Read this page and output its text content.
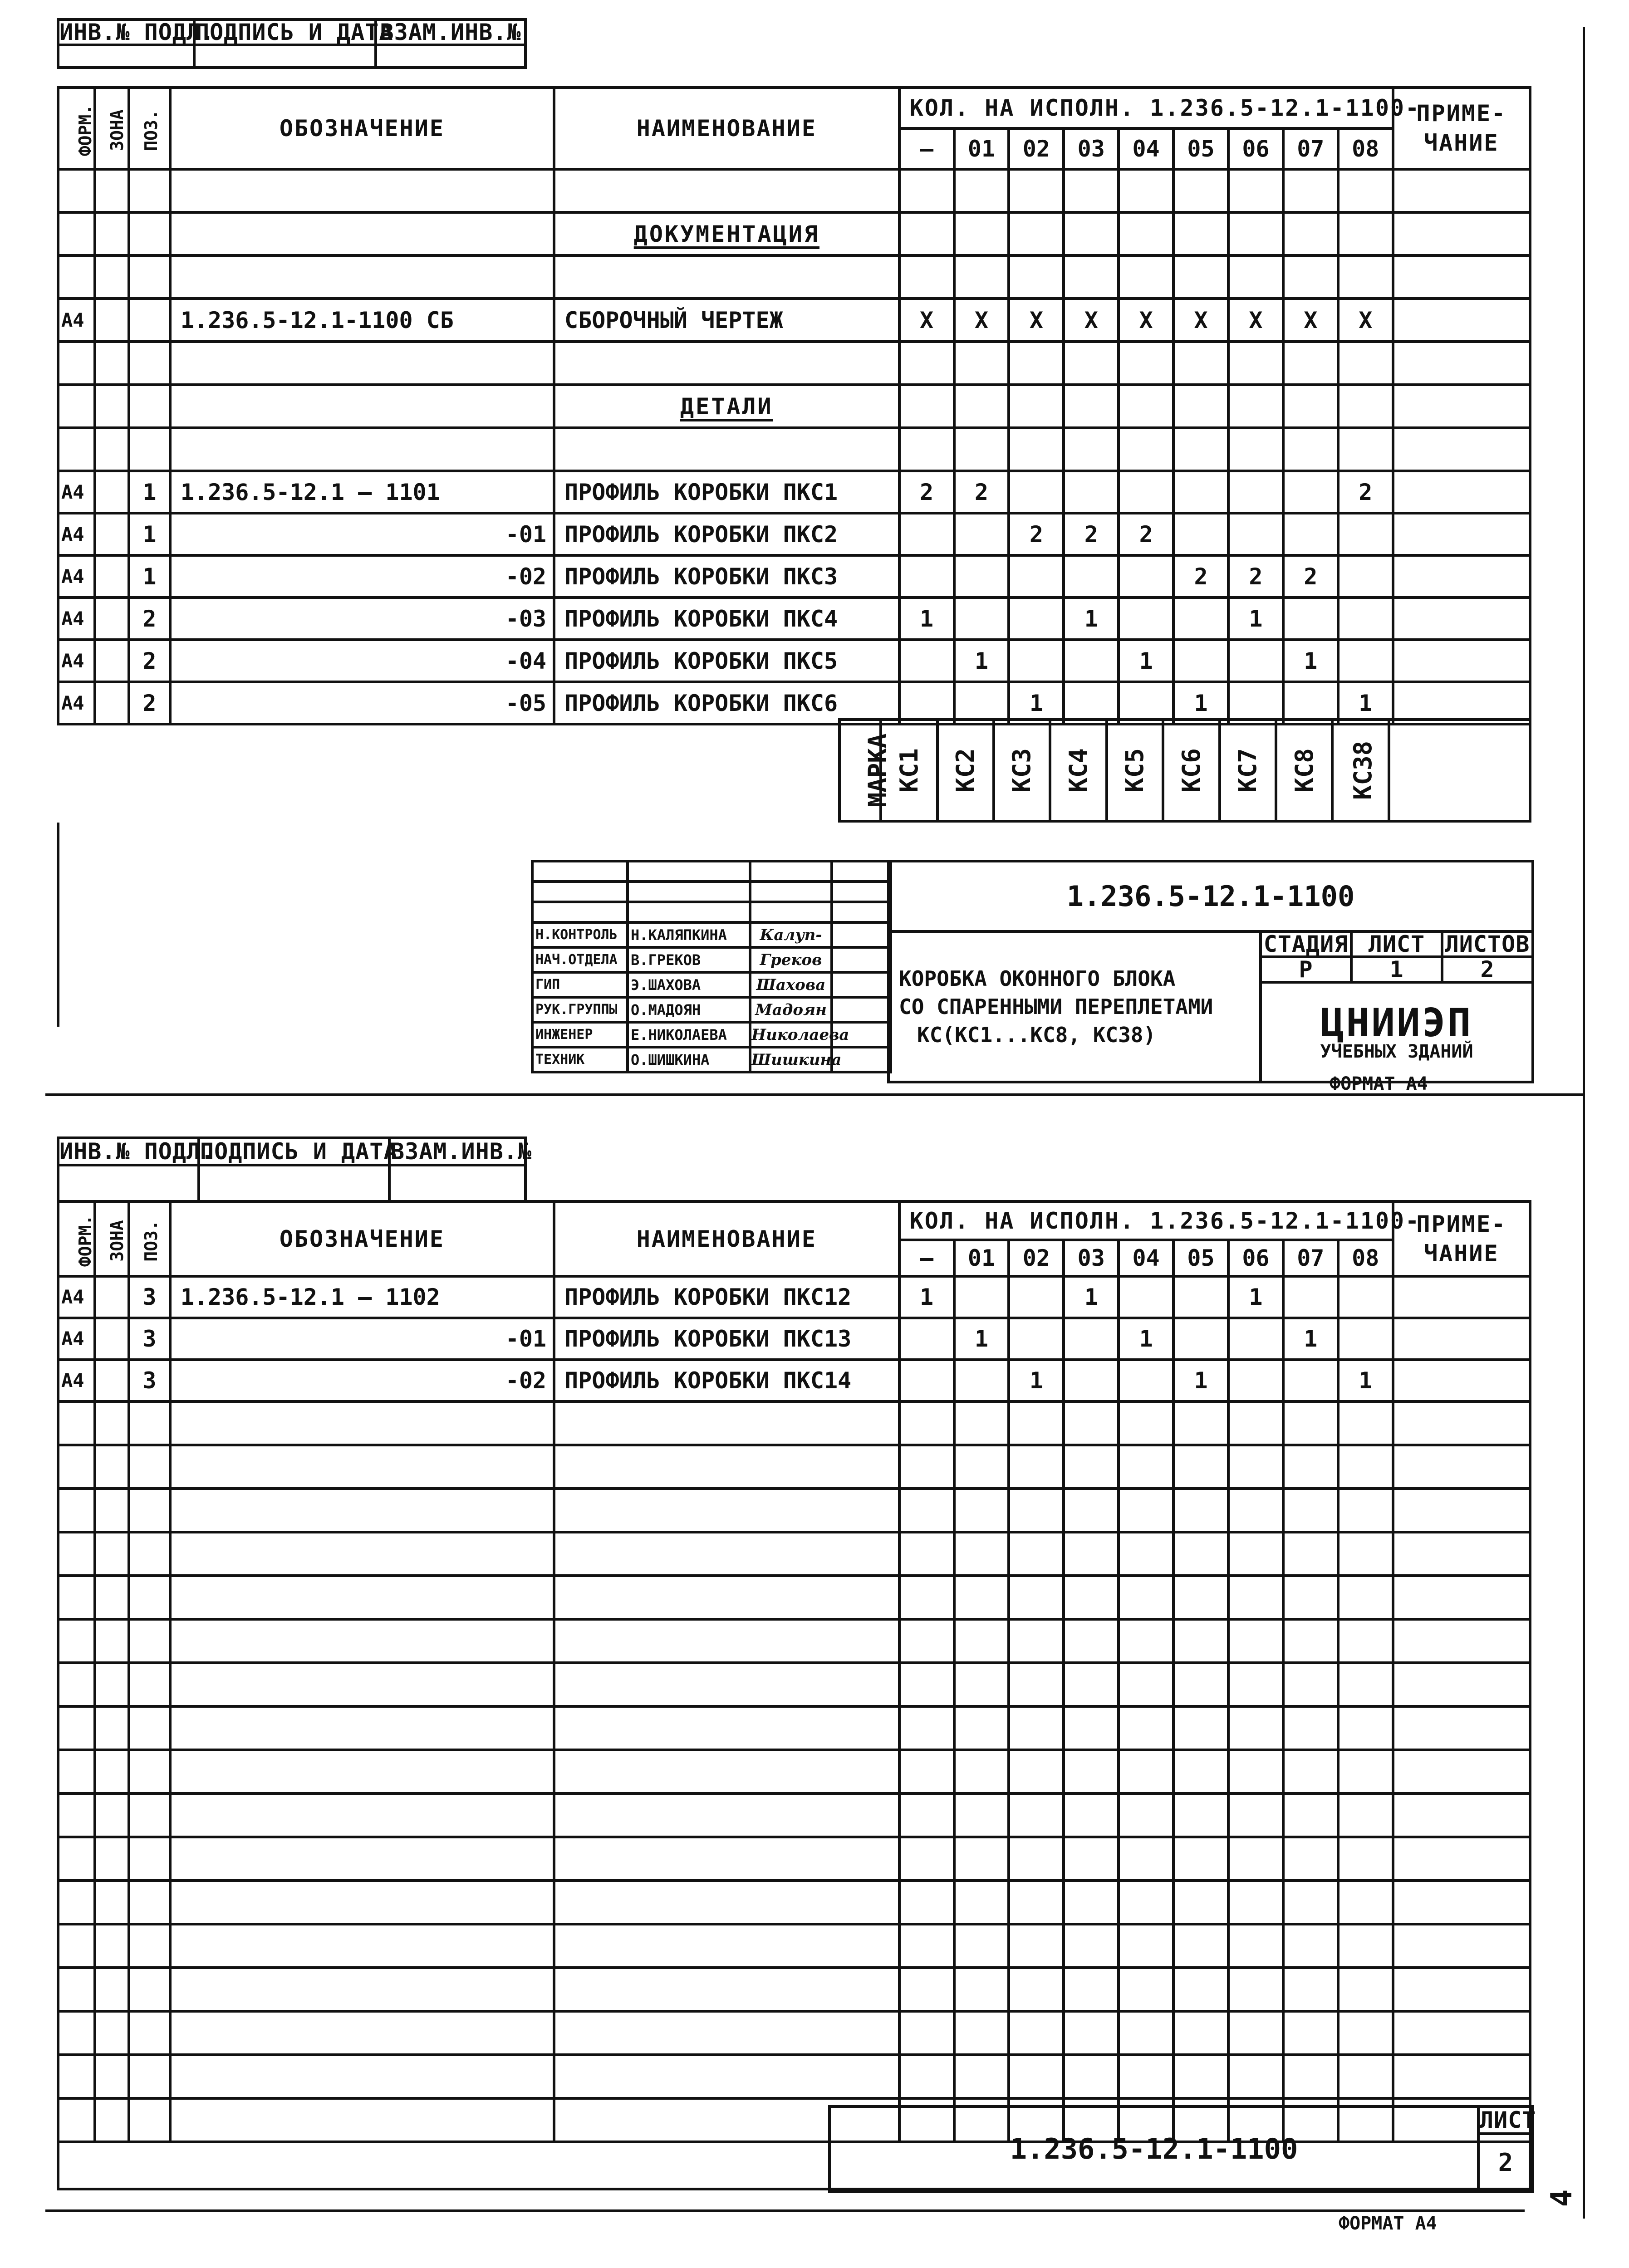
ИНВ.№ ПОДЛ.	ПОДПИСЬ И ДАТА	ВЗАМ.ИНВ.№

ФОРМ.	ЗОНА	ПОЗ.	ОБОЗНАЧЕНИЕ	НАИМЕНОВАНИЕ	КОЛ. НА ИСПОЛН. 1.236.5-12.1-1100-									ПРИМЕ-ЧАНИЕ
					—	01	02	03	04	05	06	07	08	

				ДОКУМЕНТАЦИЯ										

А4			1.236.5-12.1-1100 СБ	СБОРОЧНЫЙ ЧЕРТЕЖ	X	X	X	X	X	X	X	X	X	

				ДЕТАЛИ										

А4		1	1.236.5-12.1 — 1101	ПРОФИЛЬ КОРОБКИ ПКС1	2	2							2	
А4		1	-01	ПРОФИЛЬ КОРОБКИ ПКС2			2	2	2					
А4		1	-02	ПРОФИЛЬ КОРОБКИ ПКС3						2	2	2		
А4		2	-03	ПРОФИЛЬ КОРОБКИ ПКС4	1			1			1			
А4		2	-04	ПРОФИЛЬ КОРОБКИ ПКС5		1			1			1		
А4		2	-05	ПРОФИЛЬ КОРОБКИ ПКС6			1			1			1	
МАРКА	КС1	КС2	КС3	КС4	КС5	КС6	КС7	КС8	КС38	

Н.КОНТРОЛЬ	Н.КАЛЯПКИНА	Калуп-	
НАЧ.ОТДЕЛА	В.ГРЕКОВ	Греков	
ГИП	Э.ШАХОВА	Шахова	
РУК.ГРУППЫ	О.МАДОЯН	Мадоян	
ИНЖЕНЕР	Е.НИКОЛАЕВА	Николаева	
ТЕХНИК	О.ШИШКИНА	Шишкина	
1.236.5-12.1-1100			

КОРОБКА ОКОННОГО БЛОКА
СО СПАРЕННЫМИ ПЕРЕПЛЕТАМИ
КС(КС1...КС8, КС38)	СТАДИЯ	ЛИСТ	ЛИСТОВ
	Р	1	2

	ЦНИИЭП
УЧЕБНЫХ ЗДАНИЙ		
ФОРМАТ А4
ИНВ.№ ПОДЛ.	ПОДПИСЬ И ДАТА	ВЗАМ.ИНВ.№

ФОРМ.	ЗОНА	ПОЗ.	ОБОЗНАЧЕНИЕ	НАИМЕНОВАНИЕ	КОЛ. НА ИСПОЛН. 1.236.5-12.1-1100-									ПРИМЕ-ЧАНИЕ
					—	01	02	03	04	05	06	07	08	
А4		3	1.236.5-12.1 — 1102	ПРОФИЛЬ КОРОБКИ ПКС12	1			1			1			
А4		3	-01	ПРОФИЛЬ КОРОБКИ ПКС13		1			1			1		
А4		3	-02	ПРОФИЛЬ КОРОБКИ ПКС14			1			1			1	

1.236.5-12.1-1100	ЛИСТ
2
ФОРМАТ А4
4
